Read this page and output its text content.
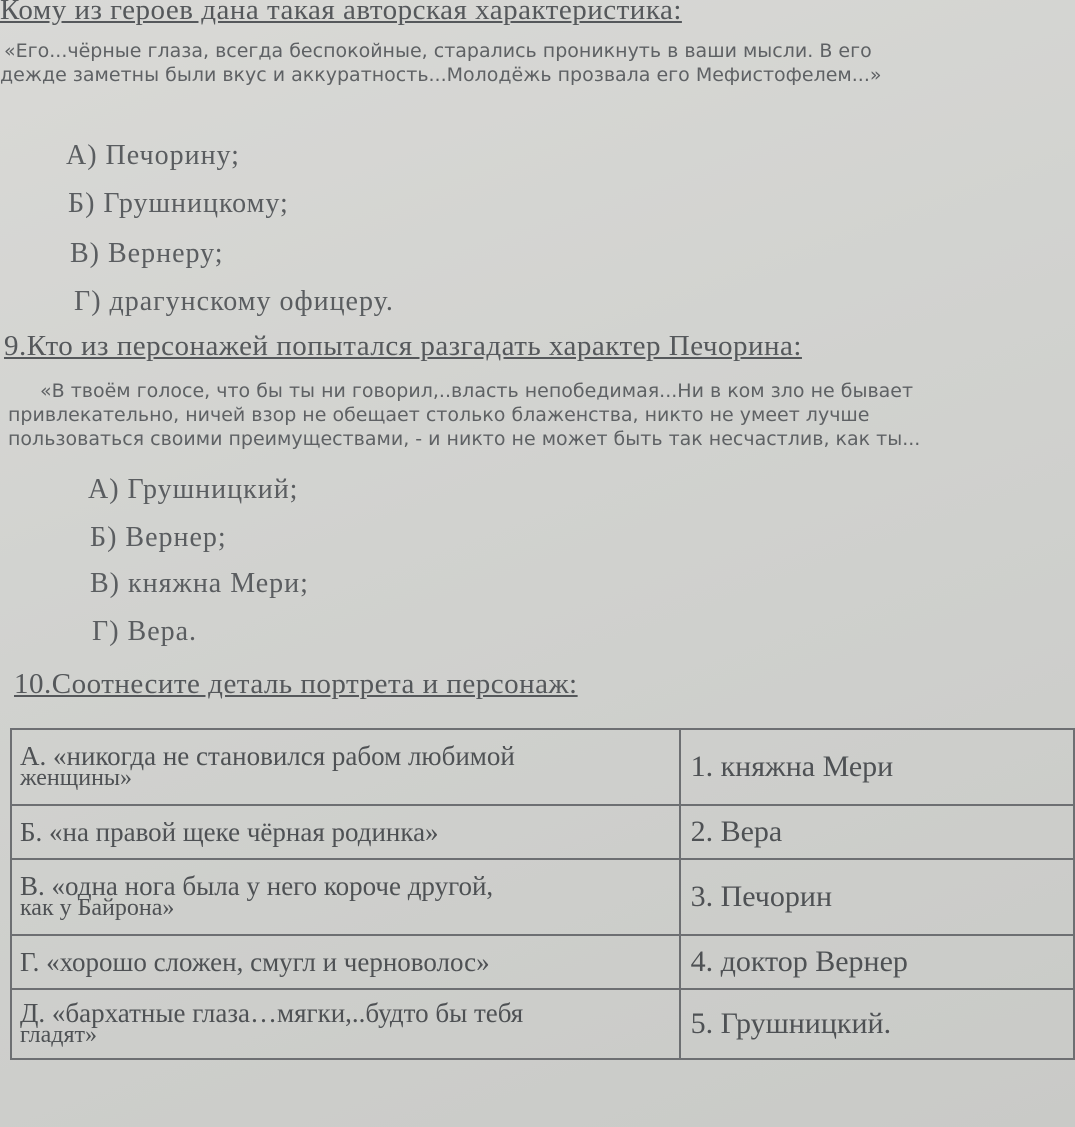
Кому из героев дана такая авторская характеристика:
«Его...чёрные глаза, всегда беспокойные, старались проникнуть в ваши мысли. В его
дежде заметны были вкус и аккуратность...Молодёжь прозвала его Мефистофелем...»
А) Печорину;
Б) Грушницкому;
В) Вернеру;
Г) драгунскому офицеру.
9.Кто из персонажей попытался разгадать характер Печорина:
«В твоём голосе, что бы ты ни говорил,..власть непобедимая...Ни в ком зло не бывает
привлекательно, ничей взор не обещает столько блаженства, никто не умеет лучше
пользоваться своими преимуществами, - и никто не может быть так несчастлив, как ты...
А) Грушницкий;
Б) Вернер;
В) княжна Мери;
Г) Вера.
10.Соотнесите деталь портрета и персонаж:
А. «никогда не становился рабом любимой
женщины»	1. княжна Мери

Б. «на правой щеке чёрная родинка»	2. Вера

В. «одна нога была у него короче другой,
как у Байрона»	3. Печорин

Г. «хорошо сложен, смугл и черноволос»	4. доктор Вернер

Д. «бархатные глаза…мягки,..будто бы тебя
гладят»	5. Грушницкий.
